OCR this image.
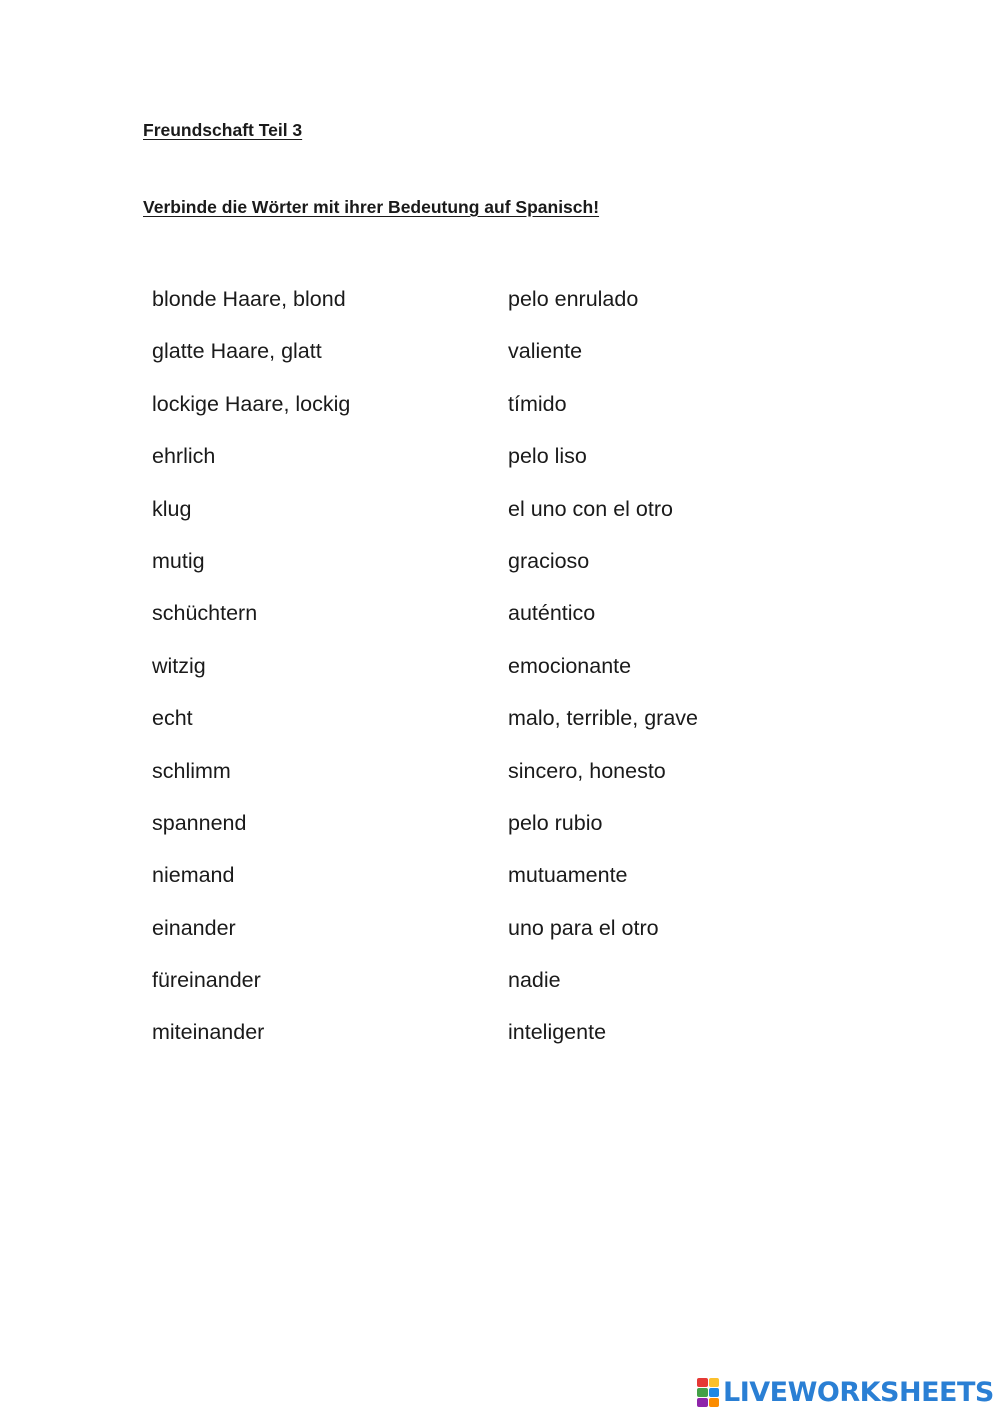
Freundschaft Teil 3
Verbinde die Wörter mit ihrer Bedeutung auf Spanisch!
blonde Haare, blond	pelo enrulado
glatte Haare, glatt	valiente
lockige Haare, lockig	tímido
ehrlich	pelo liso
klug	el uno con el otro
mutig	gracioso
schüchtern	auténtico
witzig	emocionante
echt	malo, terrible, grave
schlimm	sincero, honesto
spannend	pelo rubio
niemand	mutuamente
einander	uno para el otro
füreinander	nadie
miteinander	inteligente
LIVEWORKSHEETS
